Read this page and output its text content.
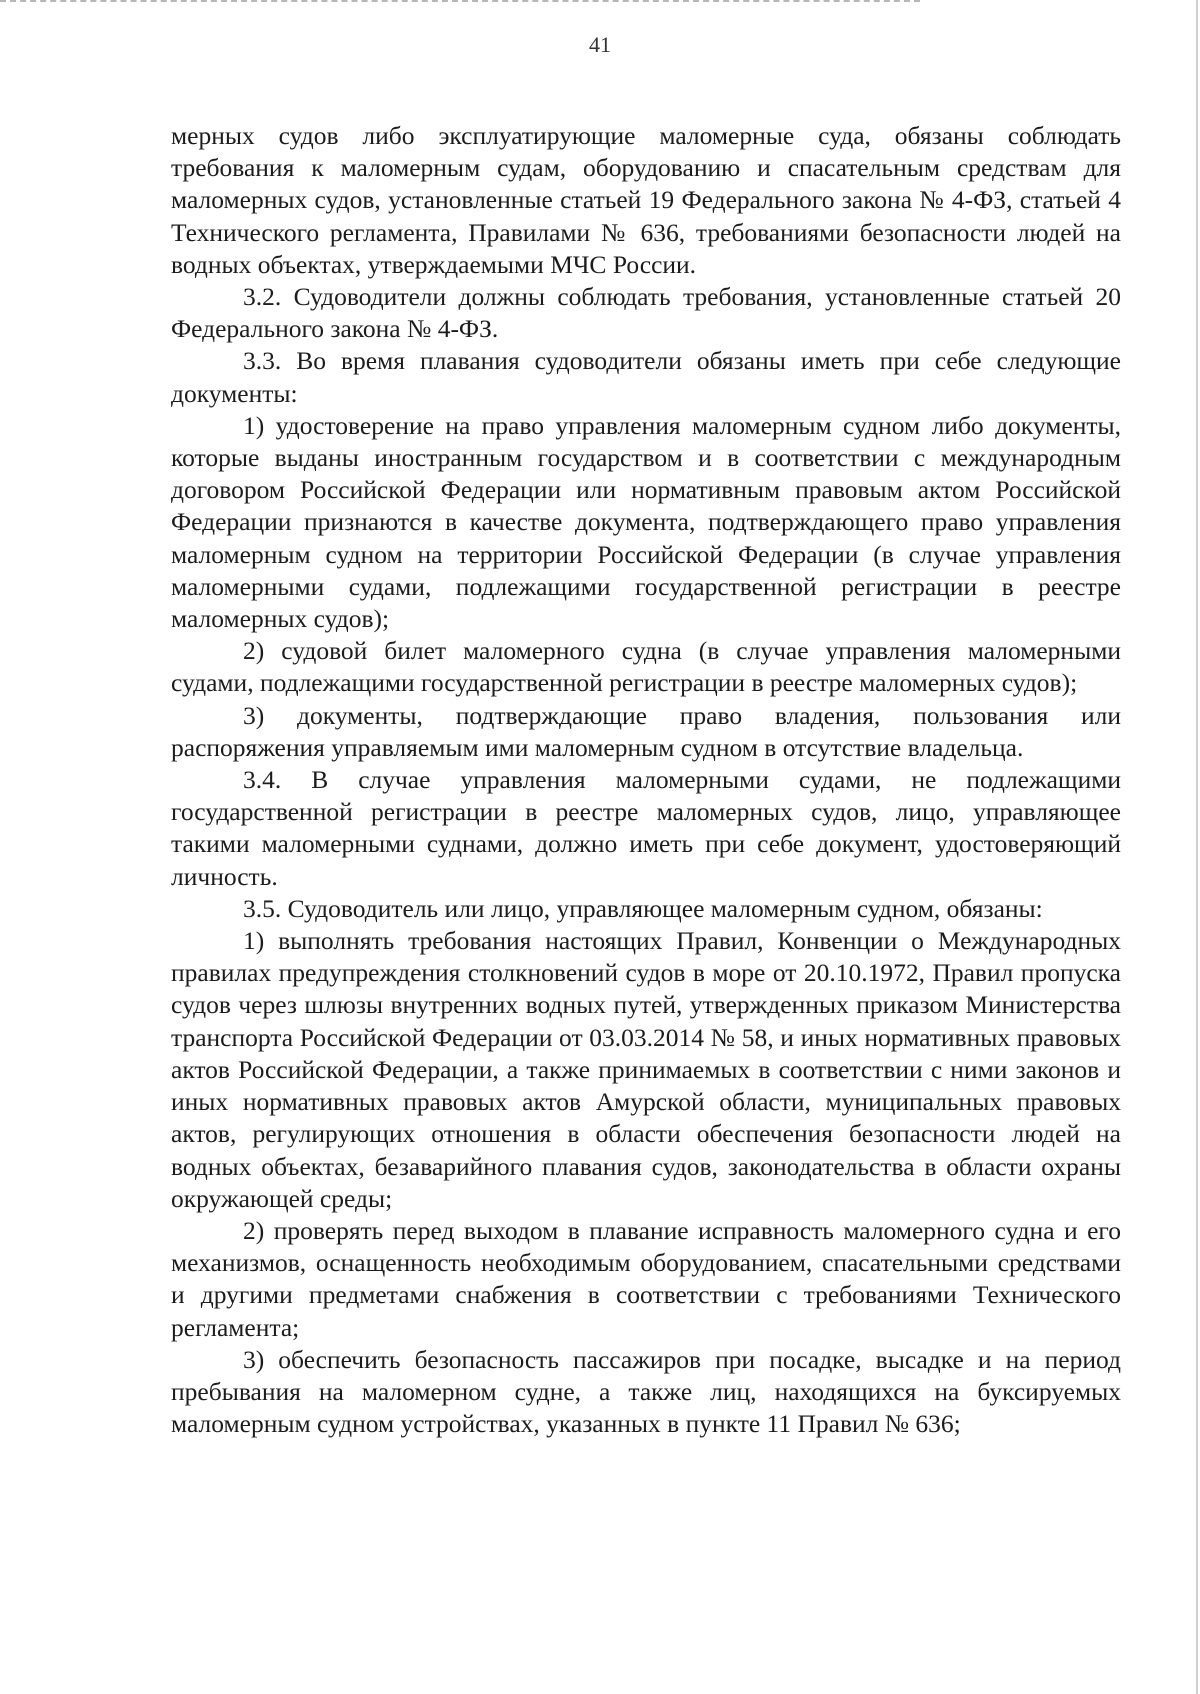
41

мерных судов либо эксплуатирующие маломерные суда, обязаны соблюдать требования к маломерным судам, оборудованию и спасательным средствам для маломерных судов, установленные статьей 19 Федерального закона № 4-ФЗ, статьей 4 Технического регламента, Правилами № 636, требованиями безопасности людей на водных объектах, утверждаемыми МЧС России.

3.2. Судоводители должны соблюдать требования, установленные статьей 20 Федерального закона № 4-ФЗ.

3.3. Во время плавания судоводители обязаны иметь при себе следующие документы:

1) удостоверение на право управления маломерным судном либо документы, которые выданы иностранным государством и в соответствии с международным договором Российской Федерации или нормативным правовым актом Российской Федерации признаются в качестве документа, подтверждающего право управления маломерным судном на территории Российской Федерации (в случае управления маломерными судами, подлежащими государственной регистрации в реестре маломерных судов);

2) судовой билет маломерного судна (в случае управления маломерными судами, подлежащими государственной регистрации в реестре маломерных судов);

3) документы, подтверждающие право владения, пользования или распоряжения управляемым ими маломерным судном в отсутствие владельца.

3.4. В случае управления маломерными судами, не подлежащими государственной регистрации в реестре маломерных судов, лицо, управляющее такими маломерными суднами, должно иметь при себе документ, удостоверяющий личность.

3.5. Судоводитель или лицо, управляющее маломерным судном, обязаны:

1) выполнять требования настоящих Правил, Конвенции о Международных правилах предупреждения столкновений судов в море от 20.10.1972, Правил пропуска судов через шлюзы внутренних водных путей, утвержденных приказом Министерства транспорта Российской Федерации от 03.03.2014 № 58, и иных нормативных правовых актов Российской Федерации, а также принимаемых в соответствии с ними законов и иных нормативных правовых актов Амурской области, муниципальных правовых актов, регулирующих отношения в области обеспечения безопасности людей на водных объектах, безаварийного плавания судов, законодательства в области охраны окружающей среды;

2) проверять перед выходом в плавание исправность маломерного судна и его механизмов, оснащенность необходимым оборудованием, спасательными средствами и другими предметами снабжения в соответствии с требованиями Технического регламента;

3) обеспечить безопасность пассажиров при посадке, высадке и на период пребывания на маломерном судне, а также лиц, находящихся на буксируемых маломерным судном устройствах, указанных в пункте 11 Правил № 636;
